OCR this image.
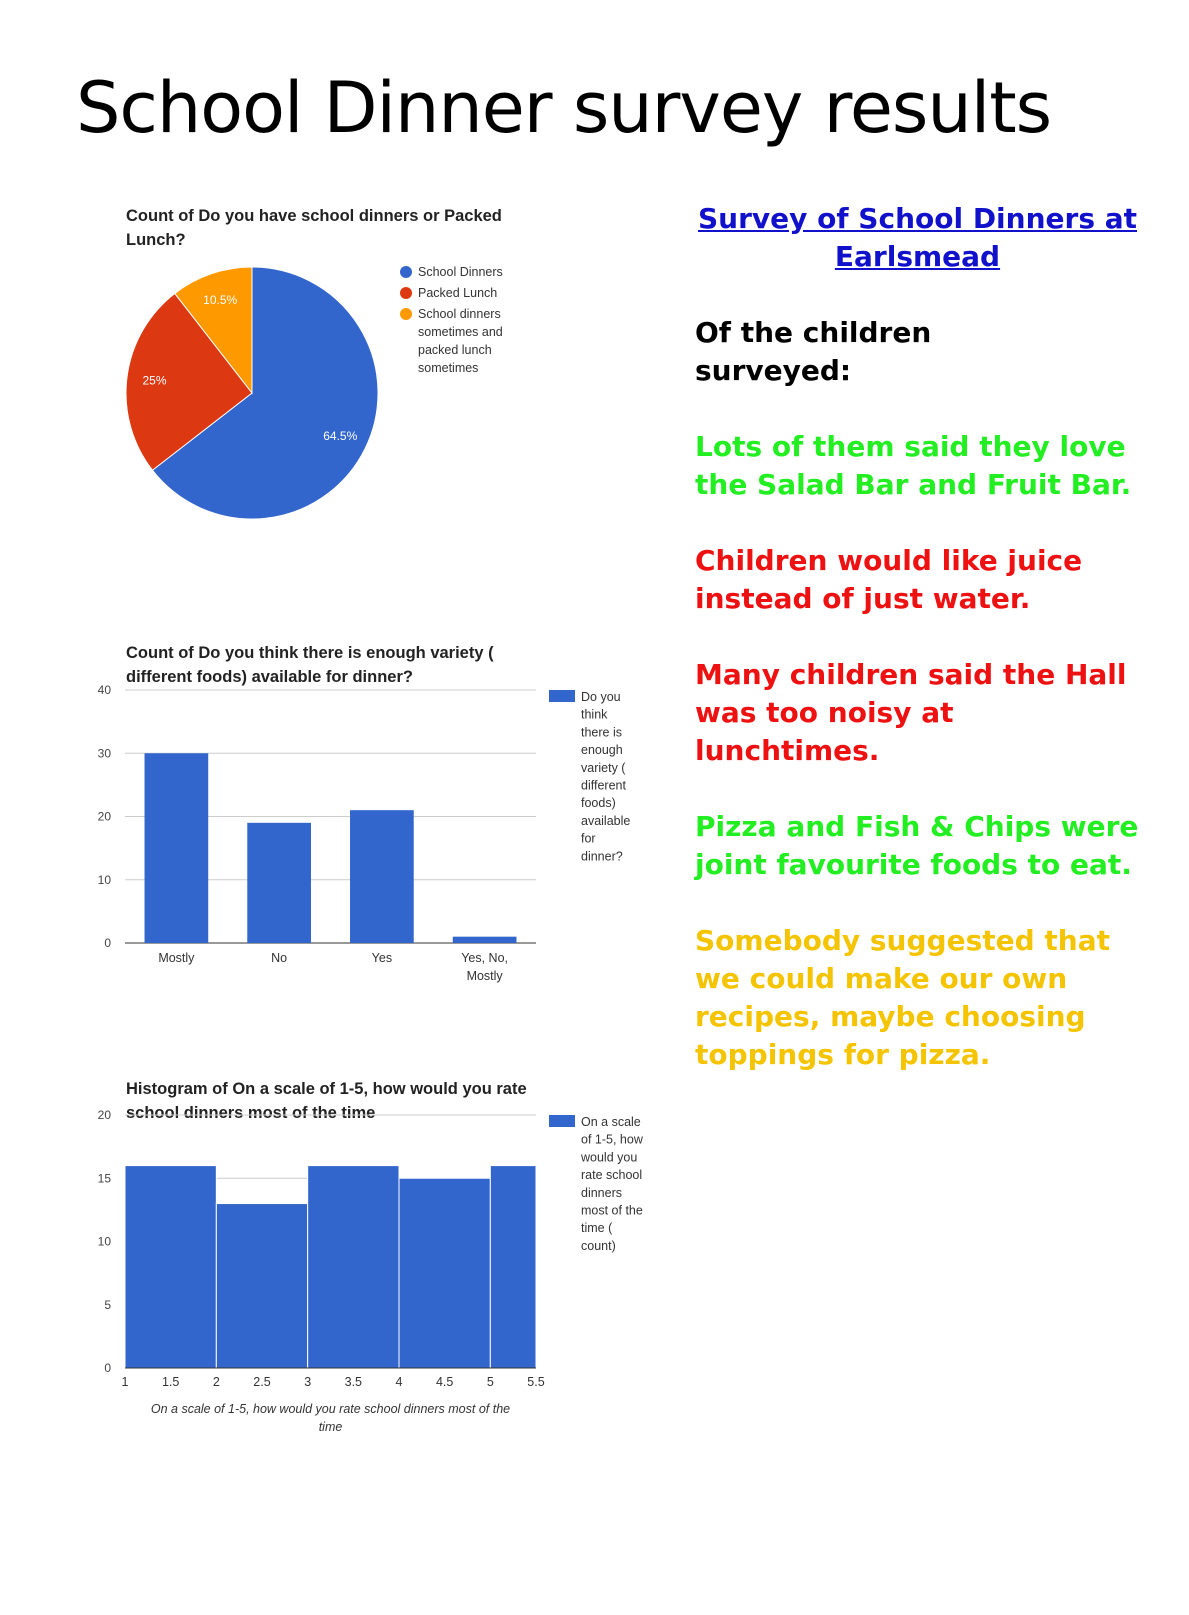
School Dinner survey results
Count of Do you have school dinners or Packed Lunch?
64.5%
25%
10.5%
School Dinners
Packed Lunch
School dinners
sometimes and
packed lunch
sometimes
Count of Do you think there is enough variety ( different foods) available for dinner?
0
10
20
30
40
Mostly	No	Yes	Yes, No,
Mostly
Do you
think
there is
enough
variety (
different
foods)
available
for
dinner?
Histogram of On a scale of 1-5, how would you rate school dinners most of the time
0
5
10
15
20
1	1.5	2	2.5	3	3.5	4	4.5	5	5.5
On a scale of 1-5, how would you rate school dinners most of the
time
On a scale
of 1-5, how
would you
rate school
dinners
most of the
time (
count)
Survey of School Dinners at Earlsmead

Of the children
surveyed:

Lots of them said they love the Salad Bar and Fruit Bar.

Children would like juice instead of just water.

Many children said the Hall was too noisy at lunchtimes.

Pizza and Fish & Chips were joint favourite foods to eat.

Somebody suggested that we could make our own recipes, maybe choosing toppings for pizza.
